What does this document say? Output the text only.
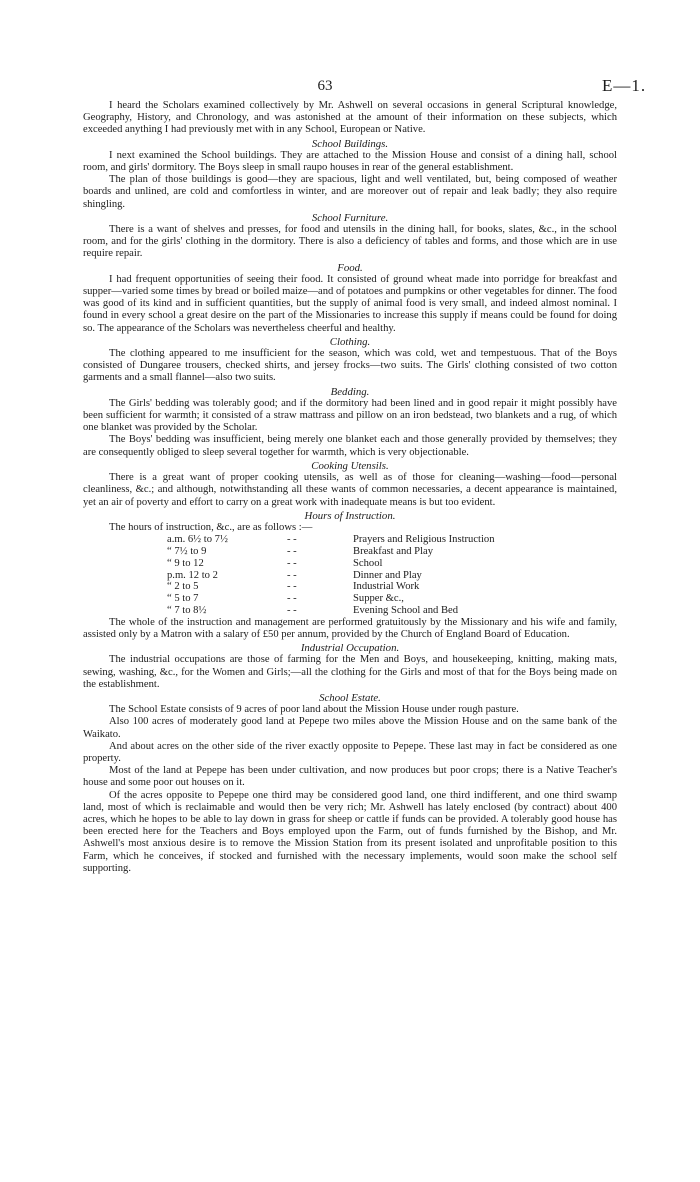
63	E—1.

I heard the Scholars examined collectively by Mr. Ashwell on several occasions in general Scriptural knowledge, Geography, History, and Chronology, and was astonished at the amount of their information on these subjects, which exceeded anything I had previously met with in any School, European or Native.

School Buildings.

I next examined the School buildings. They are attached to the Mission House and consist of a dining hall, school room, and girls' dormitory. The Boys sleep in small raupo houses in rear of the general establishment.

The plan of those buildings is good—they are spacious, light and well ventilated, but, being composed of weather boards and unlined, are cold and comfortless in winter, and are moreover out of repair and leak badly; they also require shingling.

School Furniture.

There is a want of shelves and presses, for food and utensils in the dining hall, for books, slates, &c., in the school room, and for the girls' clothing in the dormitory. There is also a deficiency of tables and forms, and those which are in use require repair.

Food.

I had frequent opportunities of seeing their food. It consisted of ground wheat made into porridge for breakfast and supper—varied some times by bread or boiled maize—and of potatoes and pumpkins or other vegetables for dinner. The food was good of its kind and in sufficient quantities, but the supply of animal food is very small, and indeed almost nominal. I found in every school a great desire on the part of the Missionaries to increase this supply if means could be found for doing so. The appearance of the Scholars was nevertheless cheerful and healthy.

Clothing.

The clothing appeared to me insufficient for the season, which was cold, wet and tempestuous. That of the Boys consisted of Dungaree trousers, checked shirts, and jersey frocks—two suits. The Girls' clothing consisted of two cotton garments and a small flannel—also two suits.

Bedding.

The Girls' bedding was tolerably good; and if the dormitory had been lined and in good repair it might possibly have been sufficient for warmth; it consisted of a straw mattrass and pillow on an iron bedstead, two blankets and a rug, of which one blanket was provided by the Scholar.

The Boys' bedding was insufficient, being merely one blanket each and those generally provided by themselves; they are consequently obliged to sleep several together for warmth, which is very objectionable.

Cooking Utensils.

There is a great want of proper cooking utensils, as well as of those for cleaning—washing—food—personal cleanliness, &c.; and although, notwithstanding all these wants of common necessaries, a decent appearance is maintained, yet an air of poverty and effort to carry on a great work with inadequate means is but too evident.

Hours of Instruction.

The hours of instruction, &c., are as follows :—

a.m. 6½ to 7½	- -	Prayers and Religious Instruction
“ 7½ to 9	- -	Breakfast and Play
“ 9 to 12	- -	School
p.m. 12 to 2	- -	Dinner and Play
“ 2 to 5	- -	Industrial Work
“ 5 to 7	- -	Supper &c.,
“ 7 to 8½	- -	Evening School and Bed

The whole of the instruction and management are performed gratuitously by the Missionary and his wife and family, assisted only by a Matron with a salary of £50 per annum, provided by the Church of England Board of Education.

Industrial Occupation.

The industrial occupations are those of farming for the Men and Boys, and housekeeping, knitting, making mats, sewing, washing, &c., for the Women and Girls;—all the clothing for the Girls and most of that for the Boys being made on the establishment.

School Estate.

The School Estate consists of 9 acres of poor land about the Mission House under rough pasture.

Also 100 acres of moderately good land at Pepepe two miles above the Mission House and on the same bank of the Waikato.

And about acres on the other side of the river exactly opposite to Pepepe. These last may in fact be considered as one property.

Most of the land at Pepepe has been under cultivation, and now produces but poor crops; there is a Native Teacher's house and some poor out houses on it.

Of the acres opposite to Pepepe one third may be considered good land, one third indifferent, and one third swamp land, most of which is reclaimable and would then be very rich; Mr. Ashwell has lately enclosed (by contract) about 400 acres, which he hopes to be able to lay down in grass for sheep or cattle if funds can be provided. A tolerably good house has been erected here for the Teachers and Boys employed upon the Farm, out of funds furnished by the Bishop, and Mr. Ashwell's most anxious desire is to remove the Mission Station from its present isolated and unprofitable position to this Farm, which he conceives, if stocked and furnished with the necessary implements, would soon make the school self supporting.
